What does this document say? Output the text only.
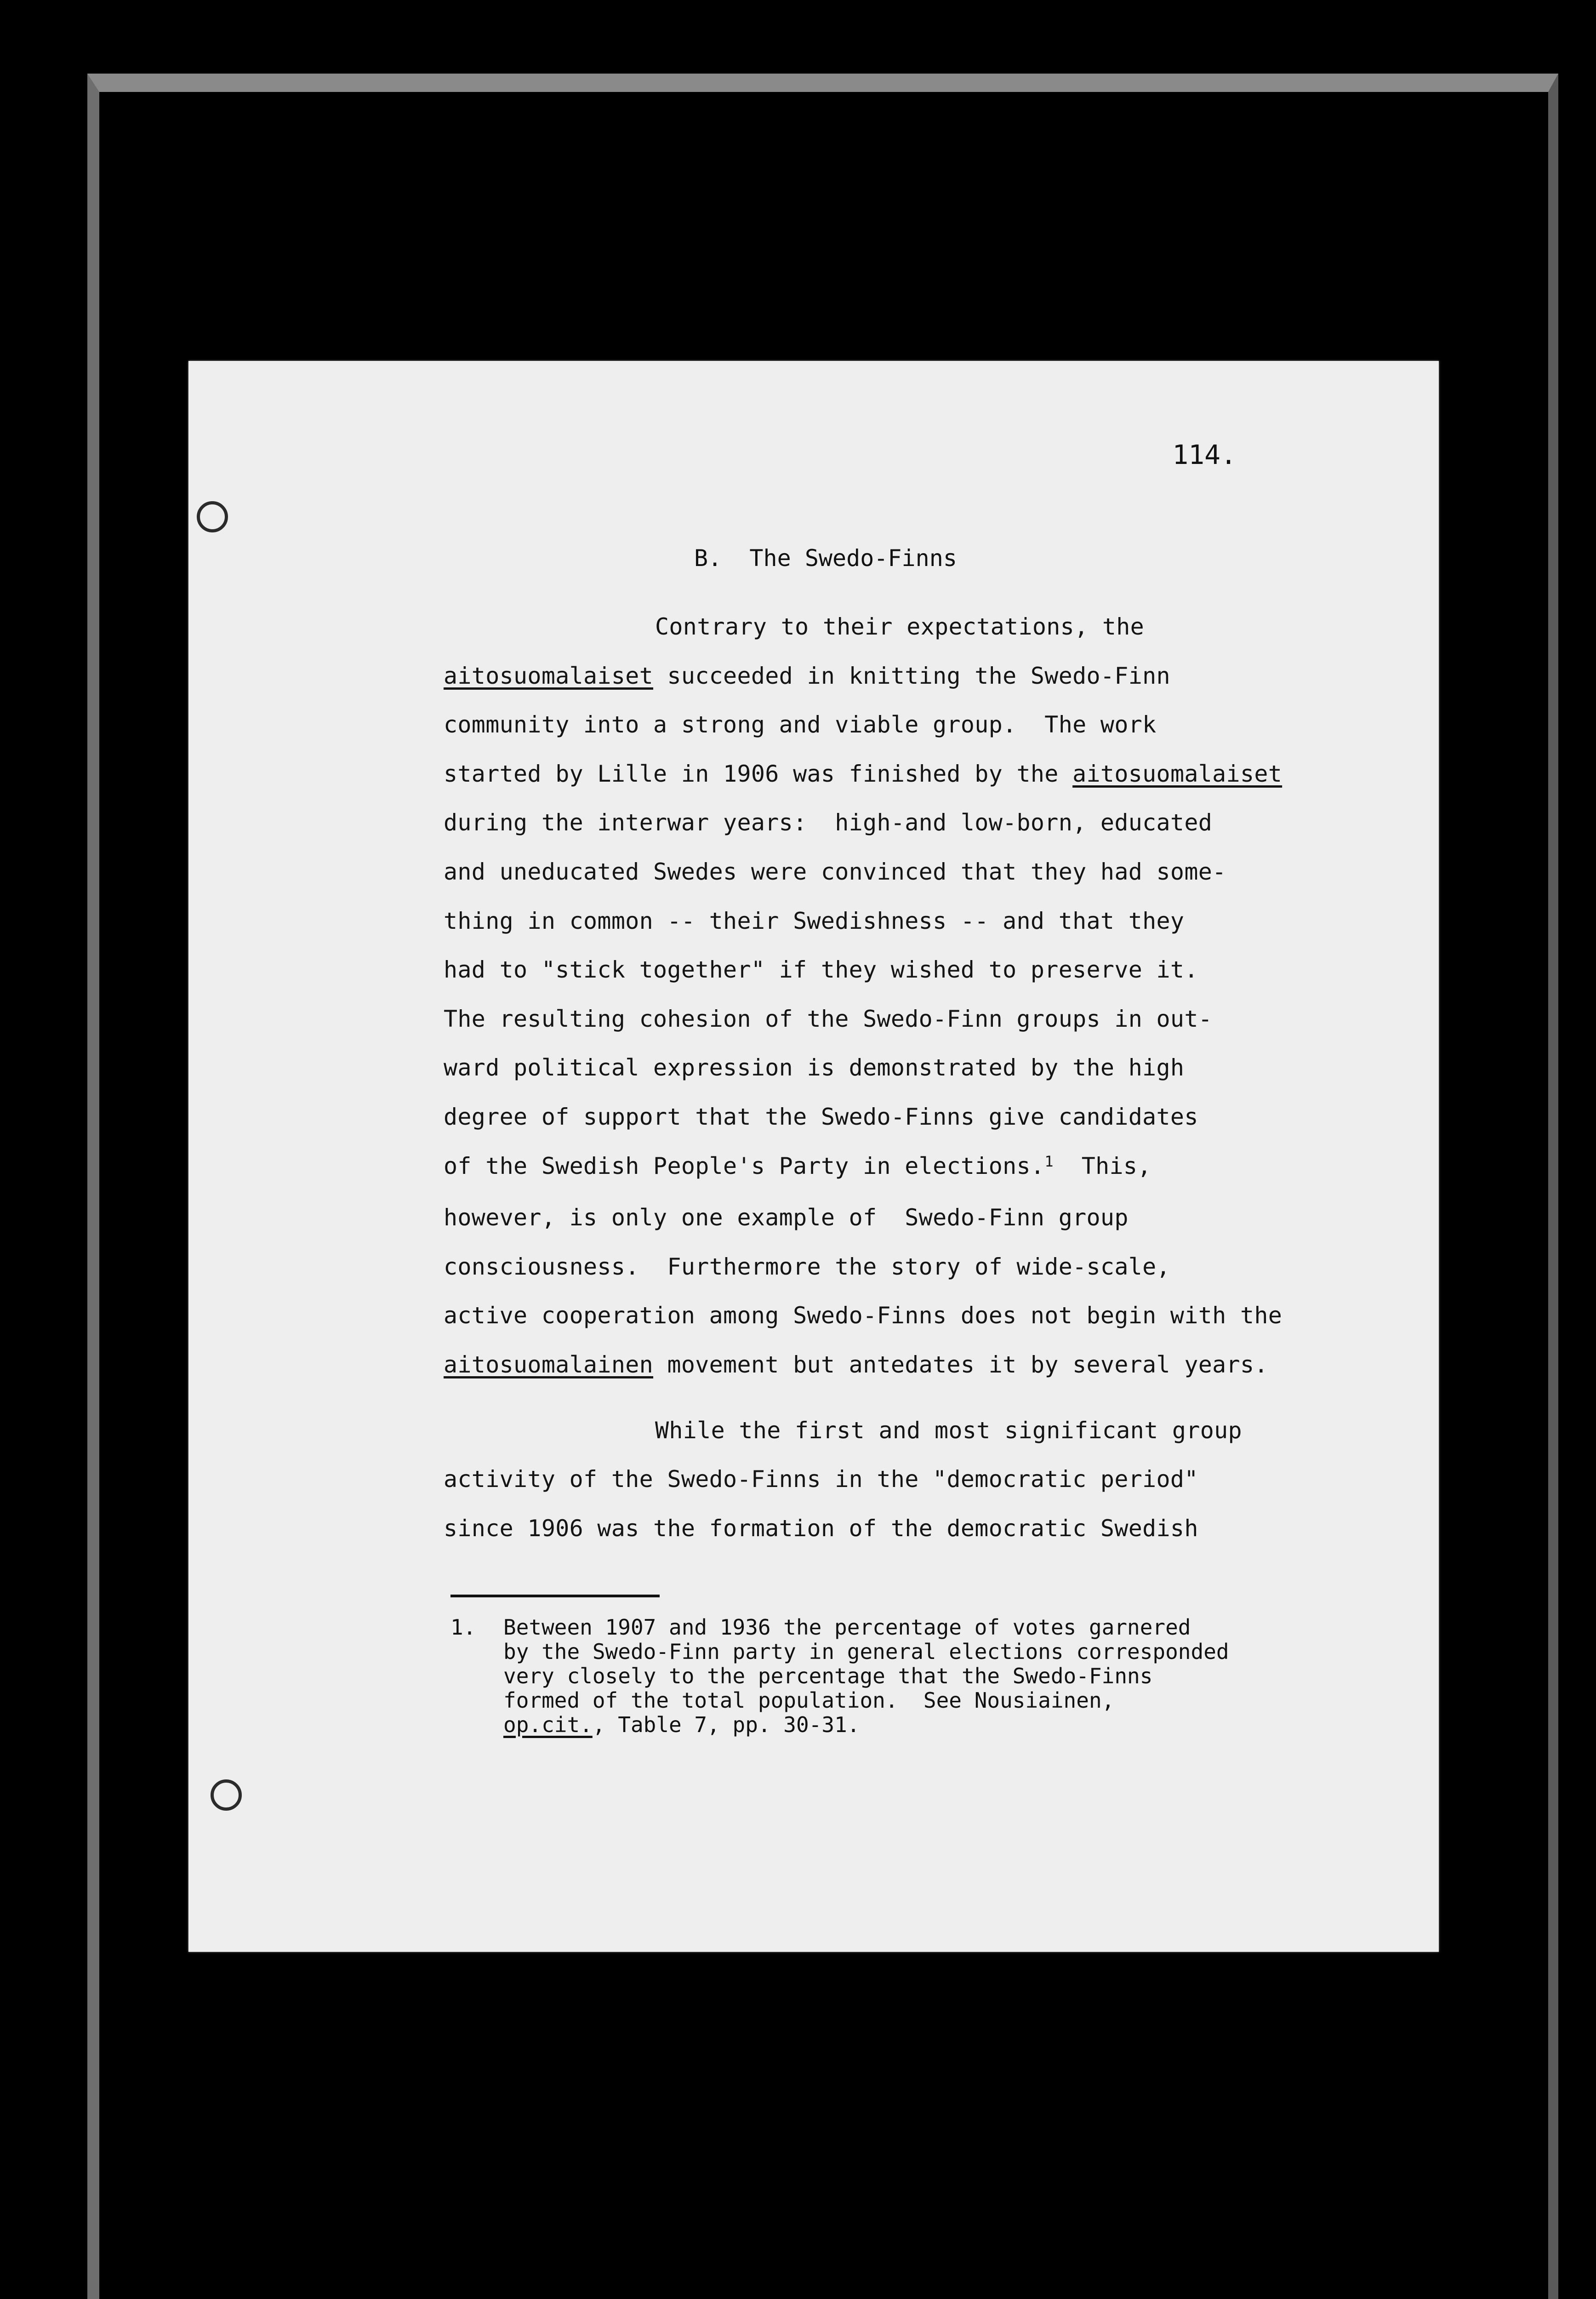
114.
B.  The Swedo-Finns

Contrary to their expectations, the
aitosuomalaiset succeeded in knitting the Swedo-Finn
community into a strong and viable group.  The work
started by Lille in 1906 was finished by the aitosuomalaiset
during the interwar years:  high-and low-born, educated
and uneducated Swedes were convinced that they had some-
thing in common -- their Swedishness -- and that they
had to "stick together" if they wished to preserve it.
The resulting cohesion of the Swedo-Finn groups in out-
ward political expression is demonstrated by the high
degree of support that the Swedo-Finns give candidates
of the Swedish People's Party in elections.$^1$  This,
however, is only one example of  Swedo-Finn group
consciousness.  Furthermore the story of wide-scale,
active cooperation among Swedo-Finns does not begin with the
aitosuomalainen movement but antedates it by several years.

While the first and most significant group
activity of the Swedo-Finns in the "democratic period"
since 1906 was the formation of the democratic Swedish

1. Between 1907 and 1936 the percentage of votes garnered
by the Swedo-Finn party in general elections corresponded
very closely to the percentage that the Swedo-Finns
formed of the total population.  See Nousiainen,
op.cit., Table 7, pp. 30-31.
